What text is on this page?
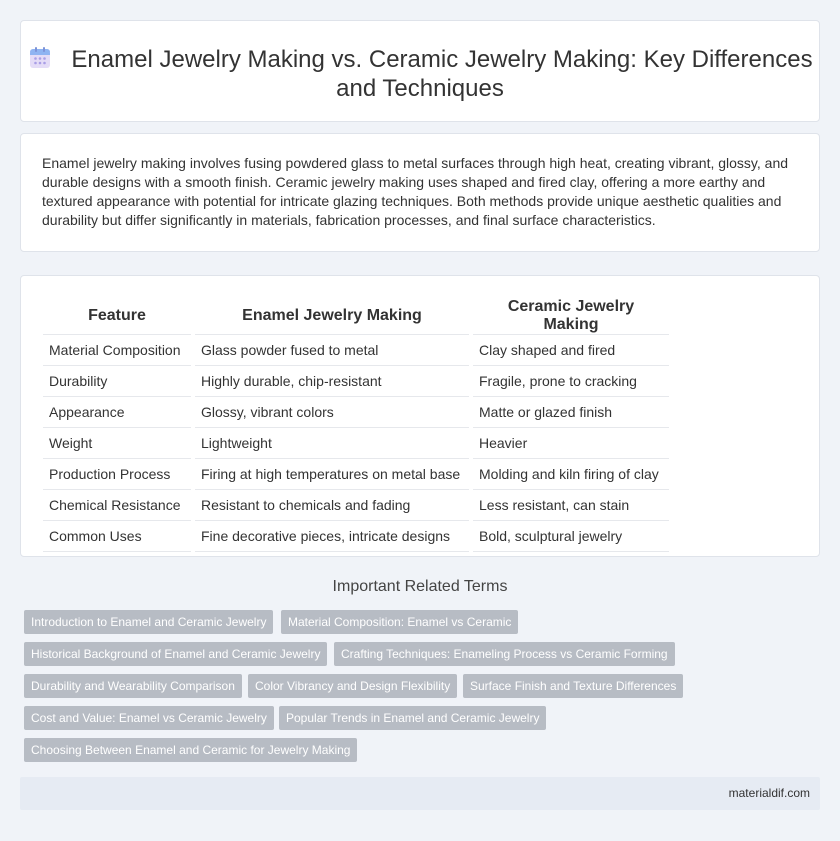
Enamel Jewelry Making vs. Ceramic Jewelry Making: Key Differences and Techniques

Enamel jewelry making involves fusing powdered glass to metal surfaces through high heat, creating vibrant, glossy, and durable designs with a smooth finish. Ceramic jewelry making uses shaped and fired clay, offering a more earthy and textured appearance with potential for intricate glazing techniques. Both methods provide unique aesthetic qualities and durability but differ significantly in materials, fabrication processes, and final surface characteristics.

Feature		Enamel Jewelry Making		Ceramic Jewelry Making
Material Composition		Glass powder fused to metal		Clay shaped and fired
Durability		Highly durable, chip-resistant		Fragile, prone to cracking
Appearance		Glossy, vibrant colors		Matte or glazed finish
Weight		Lightweight		Heavier
Production Process		Firing at high temperatures on metal base		Molding and kiln firing of clay
Chemical Resistance		Resistant to chemicals and fading		Less resistant, can stain
Common Uses		Fine decorative pieces, intricate designs		Bold, sculptural jewelry
Important Related Terms
Introduction to Enamel and Ceramic Jewelry	Material Composition: Enamel vs Ceramic
Historical Background of Enamel and Ceramic Jewelry	Crafting Techniques: Enameling Process vs Ceramic Forming
Durability and Wearability Comparison	Color Vibrancy and Design Flexibility	Surface Finish and Texture Differences
Cost and Value: Enamel vs Ceramic Jewelry	Popular Trends in Enamel and Ceramic Jewelry
Choosing Between Enamel and Ceramic for Jewelry Making
materialdif.com
